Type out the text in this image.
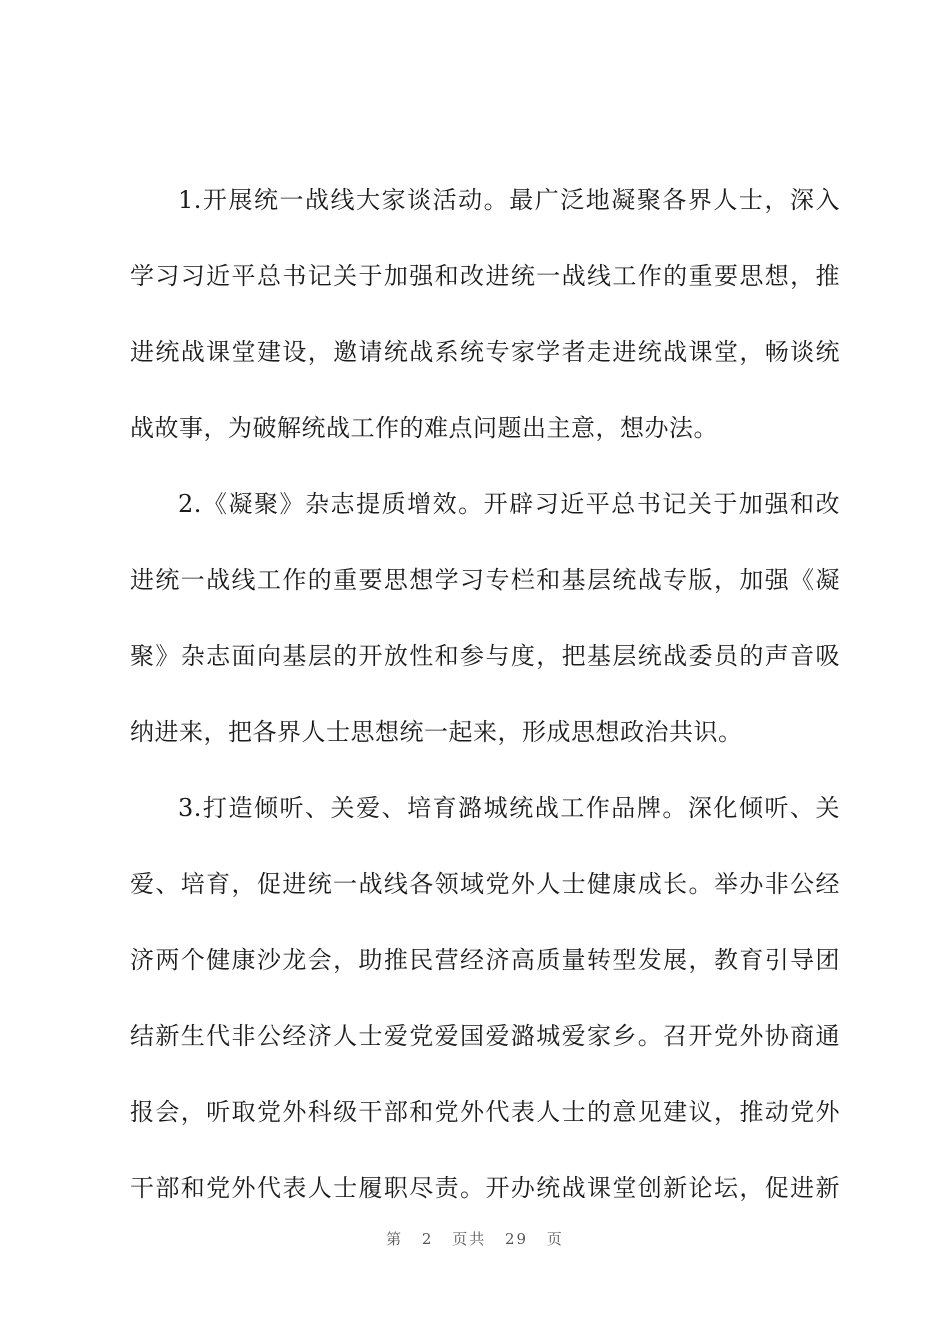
1.开展统一战线大家谈活动。最广泛地凝聚各界人士，深入
学习习近平总书记关于加强和改进统一战线工作的重要思想，推
进统战课堂建设，邀请统战系统专家学者走进统战课堂，畅谈统
战故事，为破解统战工作的难点问题出主意，想办法。
2.《凝聚》杂志提质增效。开辟习近平总书记关于加强和改
进统一战线工作的重要思想学习专栏和基层统战专版，加强《凝
聚》杂志面向基层的开放性和参与度，把基层统战委员的声音吸
纳进来，把各界人士思想统一起来，形成思想政治共识。
3.打造倾听、关爱、培育潞城统战工作品牌。深化倾听、关
爱、培育，促进统一战线各领域党外人士健康成长。举办非公经
济两个健康沙龙会，助推民营经济高质量转型发展，教育引导团
结新生代非公经济人士爱党爱国爱潞城爱家乡。召开党外协商通
报会，听取党外科级干部和党外代表人士的意见建议，推动党外
干部和党外代表人士履职尽责。开办统战课堂创新论坛，促进新
第 2 页共 29 页
